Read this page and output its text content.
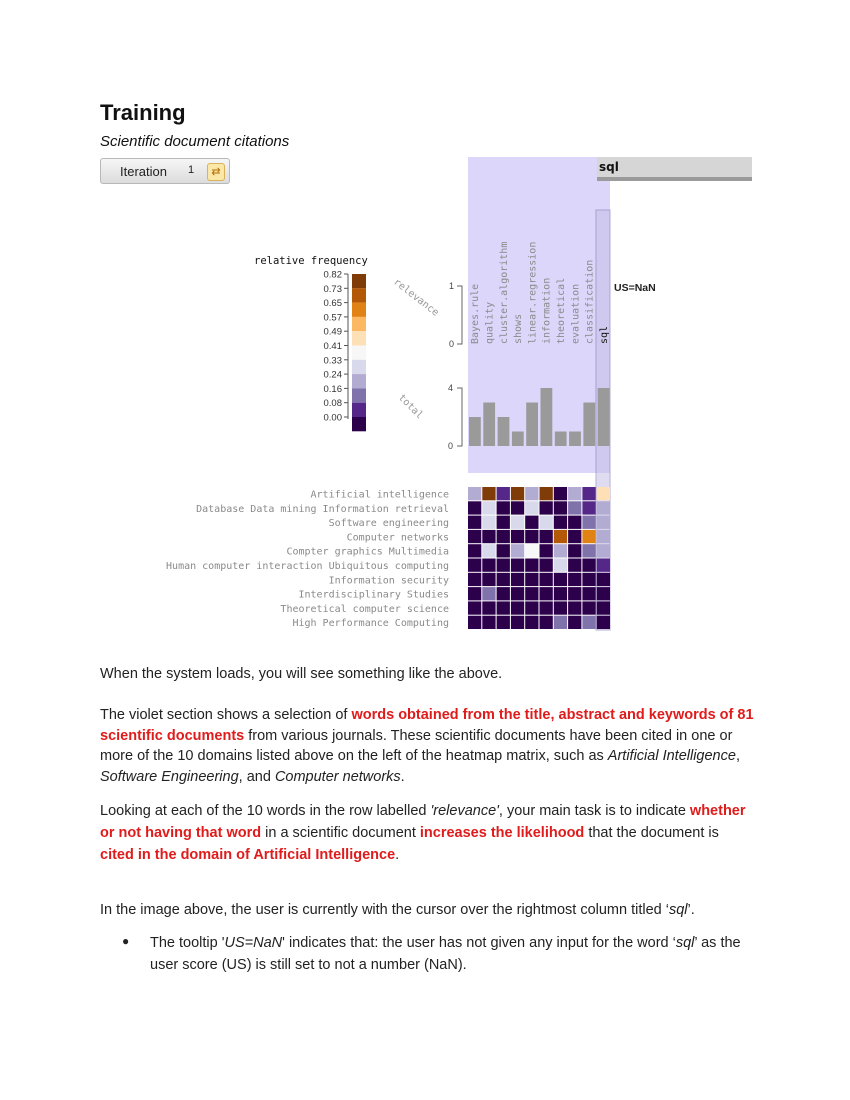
Training
Scientific document citations
Iteration 1	⇄	sql
relative frequency
0.82
0.73
0.65
0.57
0.49
0.41
0.33
0.24
0.16
0.08
0.00
relevance
total
1
0
4
0
US=NaN
Bayes.rule quality cluster.algorithm shows linear.regression information theoretical evaluation classification sql
Artificial intelligence
Database Data mining Information retrieval
Software engineering
Computer networks
Compter graphics Multimedia
Human computer interaction Ubiquitous computing
Information security
Interdisciplinary Studies
Theoretical computer science
High Performance Computing
When the system loads, you will see something like the above.
The violet section shows a selection of words obtained from the title, abstract and keywords of 81 scientific documents from various journals. These scientific documents have been cited in one or more of the 10 domains listed above on the left of the heatmap matrix, such as Artificial Intelligence, Software Engineering, and Computer networks.
Looking at each of the 10 words in the row labelled 'relevance', your main task is to indicate whether or not having that word in a scientific document increases the likelihood that the document is cited in the domain of Artificial Intelligence.
In the image above, the user is currently with the cursor over the rightmost column titled ‘sql’.
● The tooltip 'US=NaN' indicates that: the user has not given any input for the word ‘sql’ as the user score (US) is still set to not a number (NaN).
